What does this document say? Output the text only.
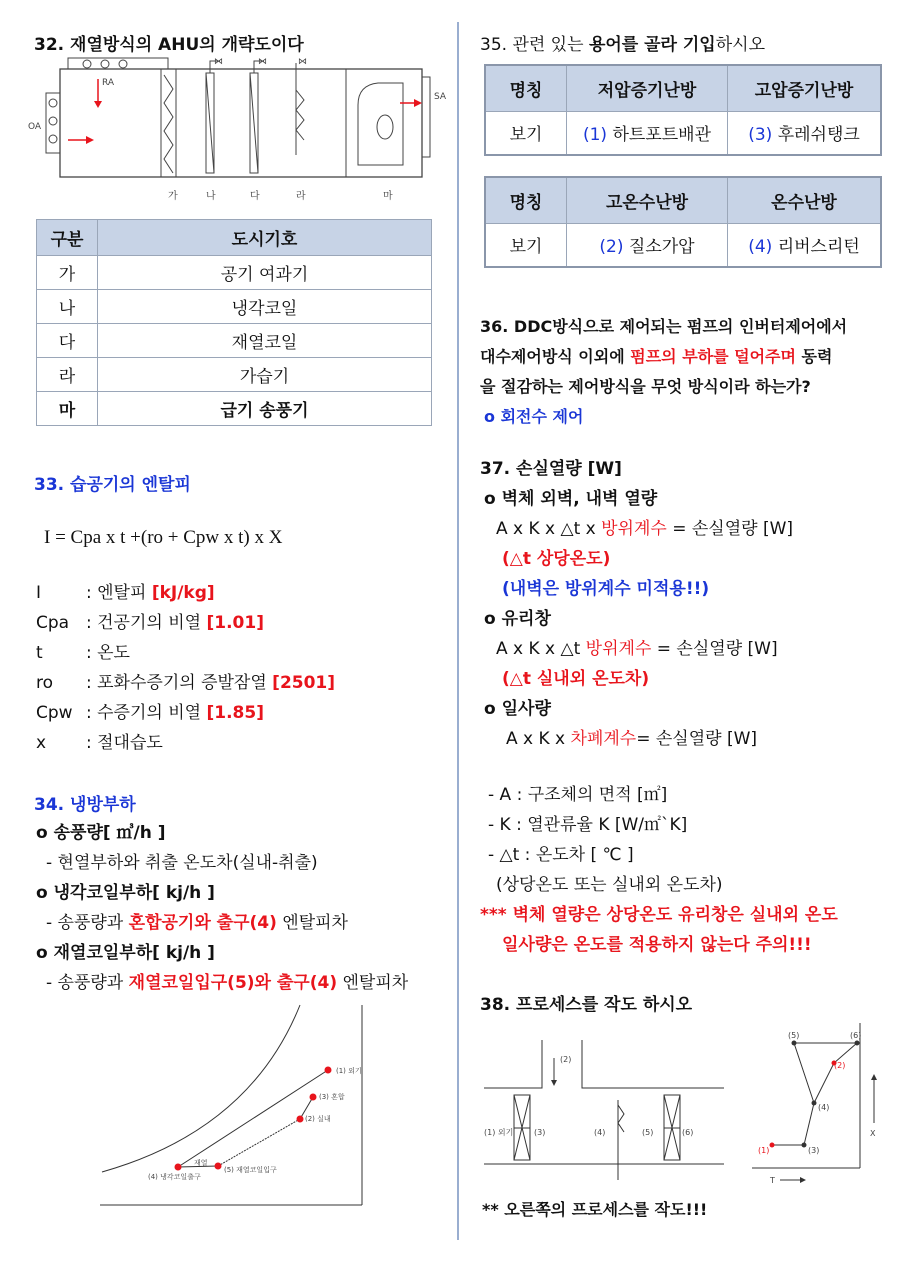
32. 재열방식의 AHU의 개략도이다
RA
OA
⋈	⋈	⋈
SA
가	나	다	라	마
구분	도시기호
가	공기 여과기
나	냉각코일
다	재열코일
라	가습기
마	급기 송풍기
33. 습공기의 엔탈피
I = Cpa x t +(ro + Cpw x t) x X
I	: 엔탈피 [kJ/kg]
Cpa : 건공기의 비열 [1.01]
t	: 온도
ro : 포화수증기의 증발잠열 [2501]
Cpw : 수증기의 비열 [1.85]
x : 절대습도
34. 냉방부하
o 송풍량[ ㎥/h ]
- 현열부하와 취출 온도차(실내-취출)
o 냉각코일부하[ kj/h ]
- 송풍량과 혼합공기와 출구(4) 엔탈피차
o 재열코일부하[ kj/h ]
- 송풍량과 재열코일입구(5)와 출구(4) 엔탈피차
(1) 외기
(3) 혼합
(2) 실내
(5) 재열코일입구
(4) 냉각코일출구
재열
35. 관련 있는 용어를 골라 기입하시오
명칭	저압증기난방	고압증기난방
보기	(1) 하트포트배관	(3) 후레쉬탱크
명칭	고온수난방	온수난방
보기	(2) 질소가압	(4) 리버스리턴
36. DDC방식으로 제어되는 펌프의 인버터제어에서
대수제어방식 이외에 펌프의 부하를 덜어주며 동력
을 절감하는 제어방식을 무엇 방식이라 하는가?
o 회전수 제어
37. 손실열량 [W]
o 벽체 외벽, 내벽 열량
A x K x △t x 방위계수 = 손실열량 [W]
(△t 상당온도)
(내벽은 방위계수 미적용!!)
o 유리창
A x K x △t 방위계수 = 손실열량 [W]
(△t 실내외 온도차)
o 일사량
A x K x 차폐계수= 손실열량 [W]
- A : 구조체의 면적 [㎡]
- K : 열관류율 K [W/㎡`K]
- △t : 온도차 [ ℃ ]
(상당온도 또는 실내외 온도차)
*** 벽체 열량은 상당온도 유리창은 실내외 온도
일사량은 온도를 적용하지 않는다 주의!!!
38. 프로세스를 작도 하시오
(2)
(1) 외기	(3)	(4)	(5)	(6)	X
T
(5)	(6)
(2)
(4)
(1)	(3)
** 오른쪽의 프로세스를 작도!!!
